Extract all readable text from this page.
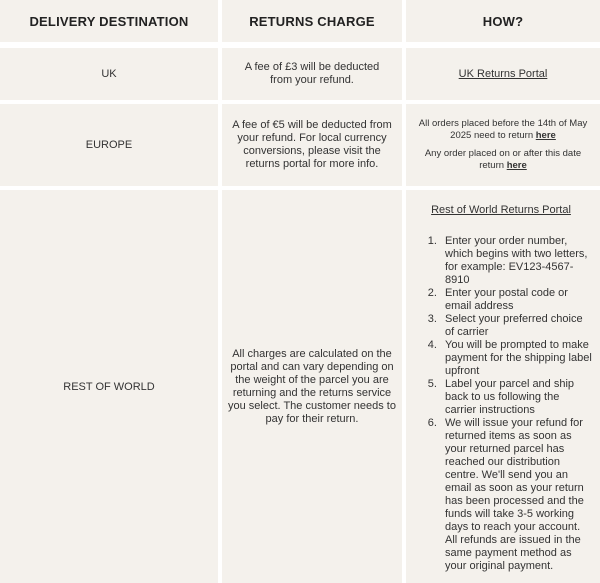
DELIVERY DESTINATION	RETURNS CHARGE	HOW?
UK
A fee of £3 will be deducted from your refund.
UK Returns Portal
EUROPE
A fee of €5 will be deducted from your refund. For local currency conversions, please visit the returns portal for more info.
All orders placed before the 14th of May 2025 need to return here
Any order placed on or after this date return here
REST OF WORLD
All charges are calculated on the portal and can vary depending on the weight of the parcel you are returning and the returns service you select. The customer needs to pay for their return.
Rest of World Returns Portal
1. Enter your order number, which begins with two letters, for example: EV123-4567-8910
2. Enter your postal code or email address
3. Select your preferred choice of carrier
4. You will be prompted to make payment for the shipping label upfront
5. Label your parcel and ship back to us following the carrier instructions
6. We will issue your refund for returned items as soon as your returned parcel has reached our distribution centre. We'll send you an email as soon as your return has been processed and the funds will take 3-5 working days to reach your account. All refunds are issued in the same payment method as your original payment.
